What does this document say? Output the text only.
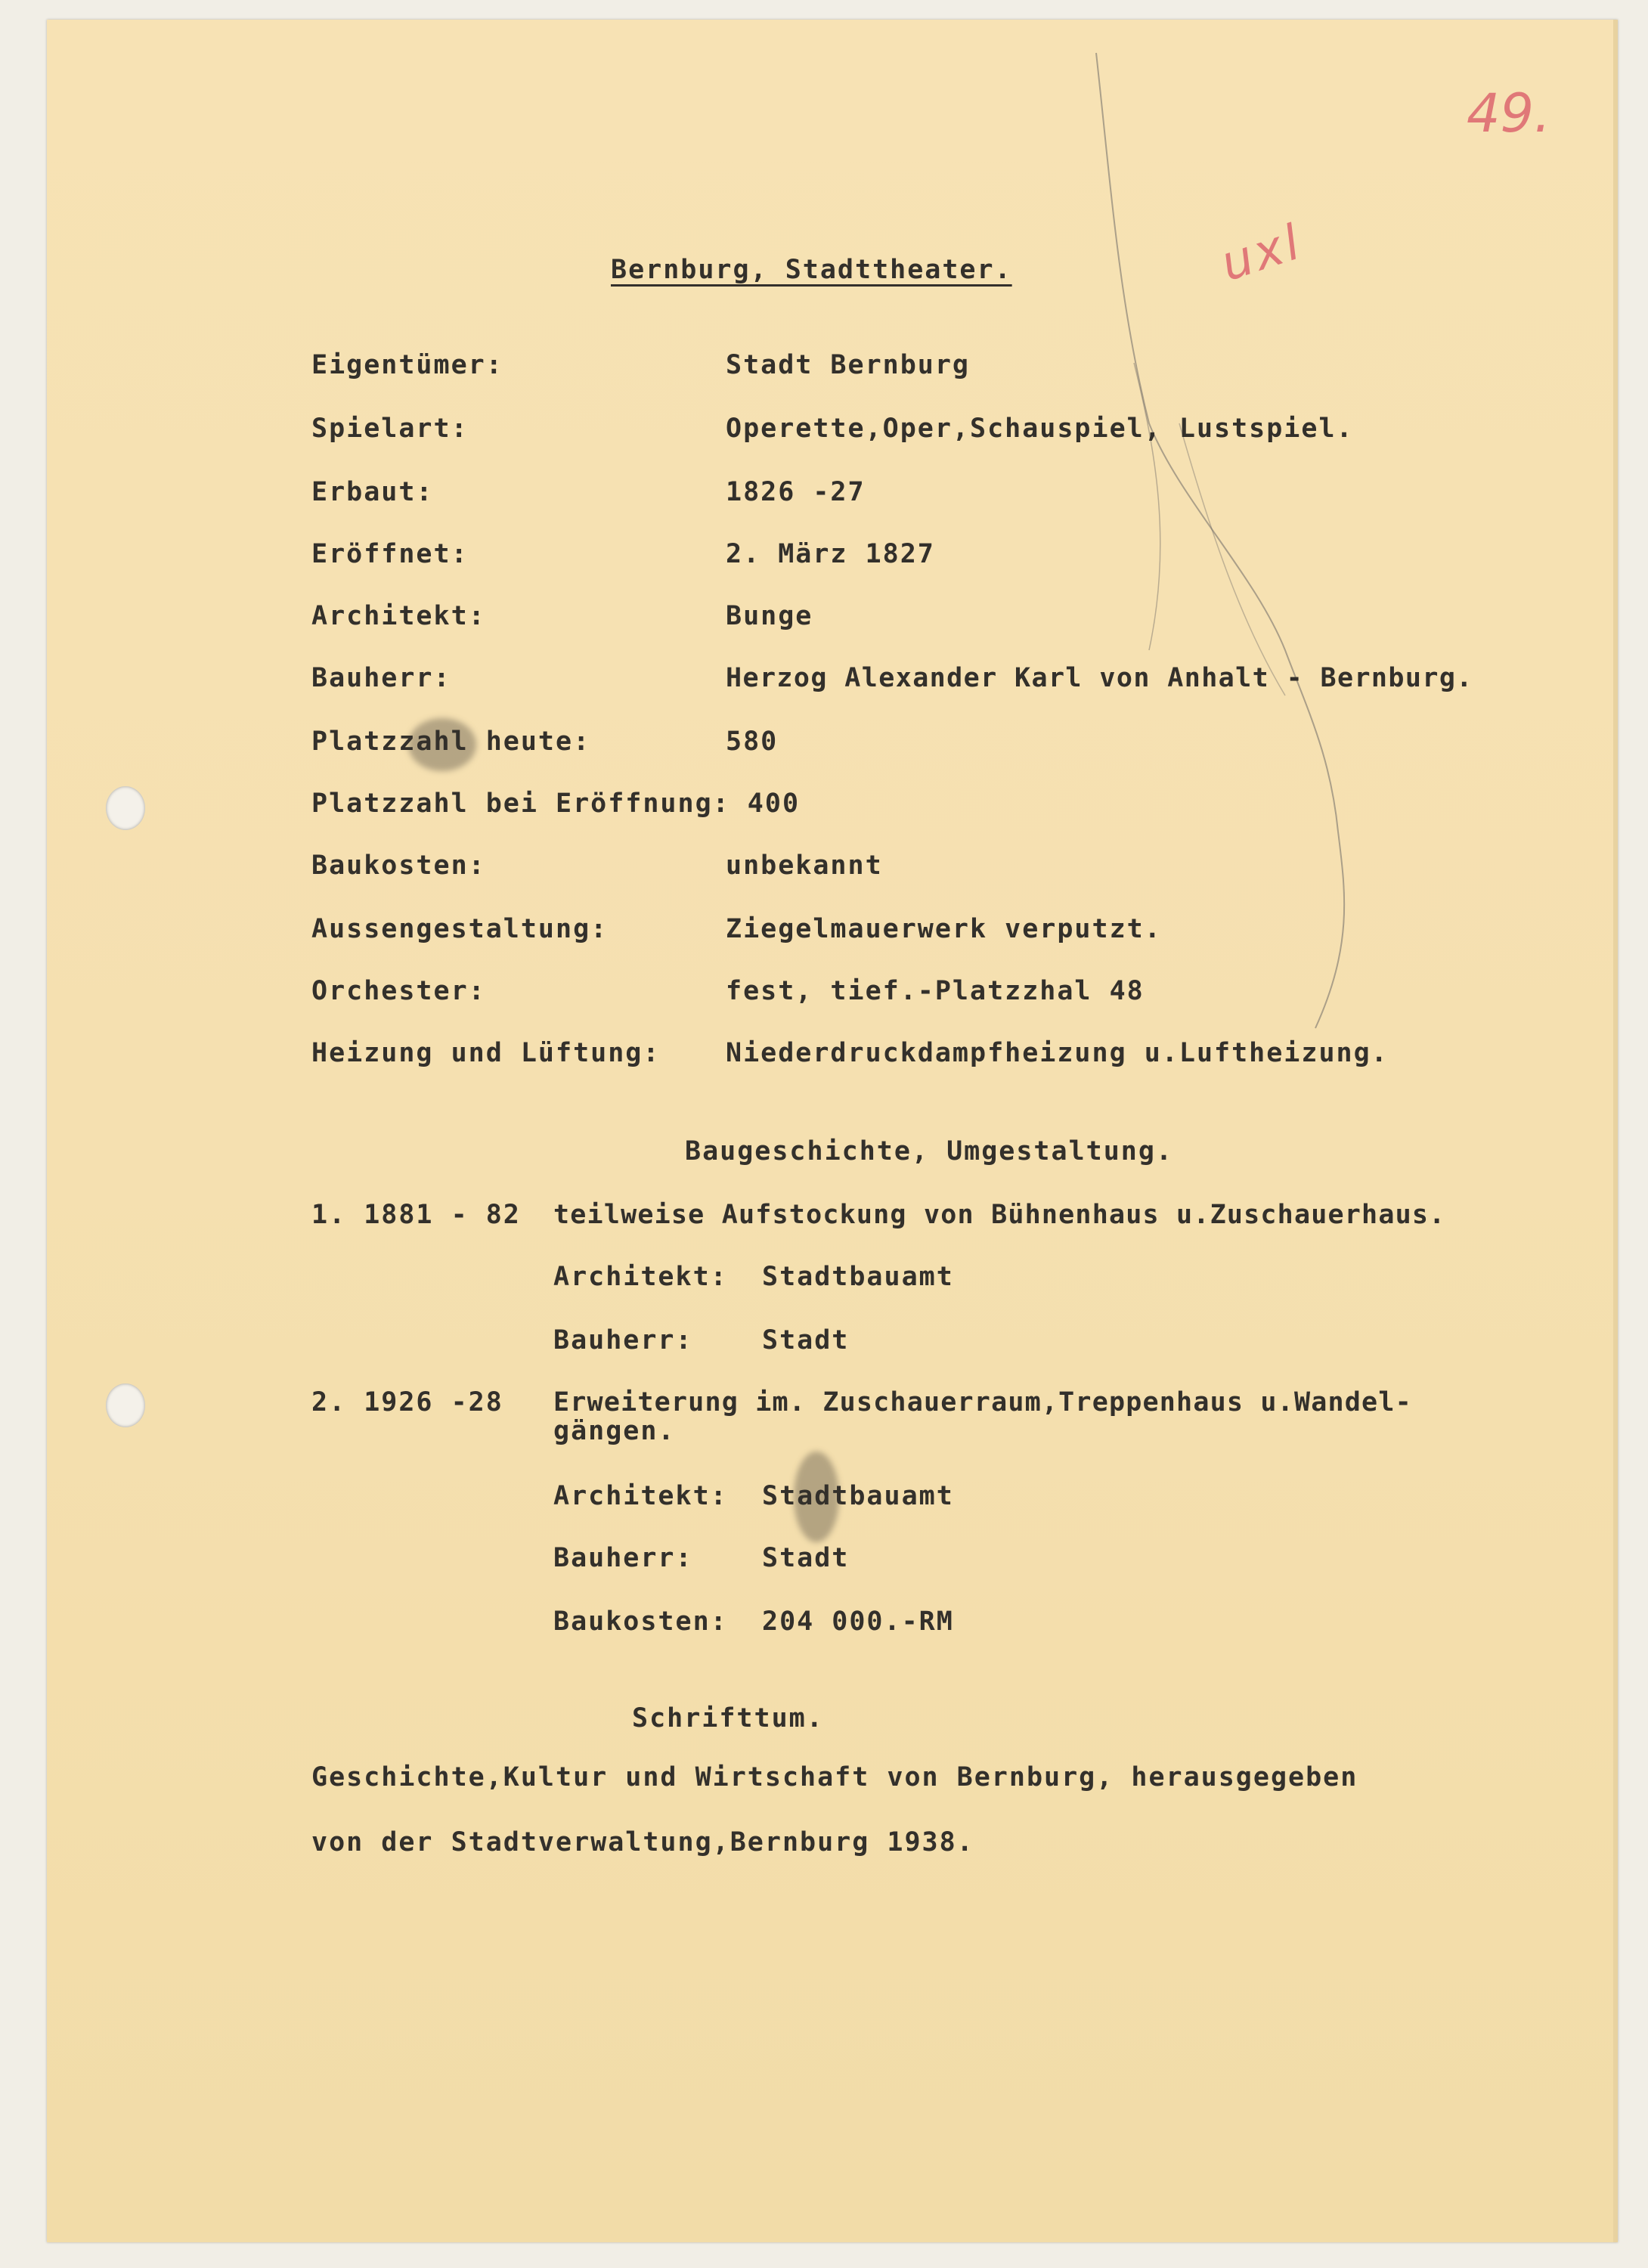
49.
uxl
Bernburg, Stadttheater.
Eigentümer:	Stadt Bernburg
Spielart:	Operette,Oper,Schauspiel, Lustspiel.
Erbaut:	1826 -27
Eröffnet:	2. März 1827
Architekt:	Bunge
Bauherr:	Herzog Alexander Karl von Anhalt - Bernburg.
Platzzahl heute:	580
Platzzahl bei Eröffnung: 400
Baukosten:	unbekannt
Aussengestaltung:	Ziegelmauerwerk verputzt.
Orchester:	fest, tief.-Platzzhal 48
Heizung und Lüftung: Niederdruckdampfheizung u.Luftheizung.
Baugeschichte, Umgestaltung.
1. 1881 - 82 teilweise Aufstockung von Bühnenhaus u.Zuschauerhaus.
Architekt: Stadtbauamt
Bauherr:	Stadt
2. 1926 -28 Erweiterung im. Zuschauerraum,Treppenhaus u.Wandel-
gängen.
Architekt: Stadtbauamt
Bauherr:	Stadt
Baukosten: 204 000.-RM
Schrifttum.
Geschichte,Kultur und Wirtschaft von Bernburg, herausgegeben
von der Stadtverwaltung,Bernburg 1938.
